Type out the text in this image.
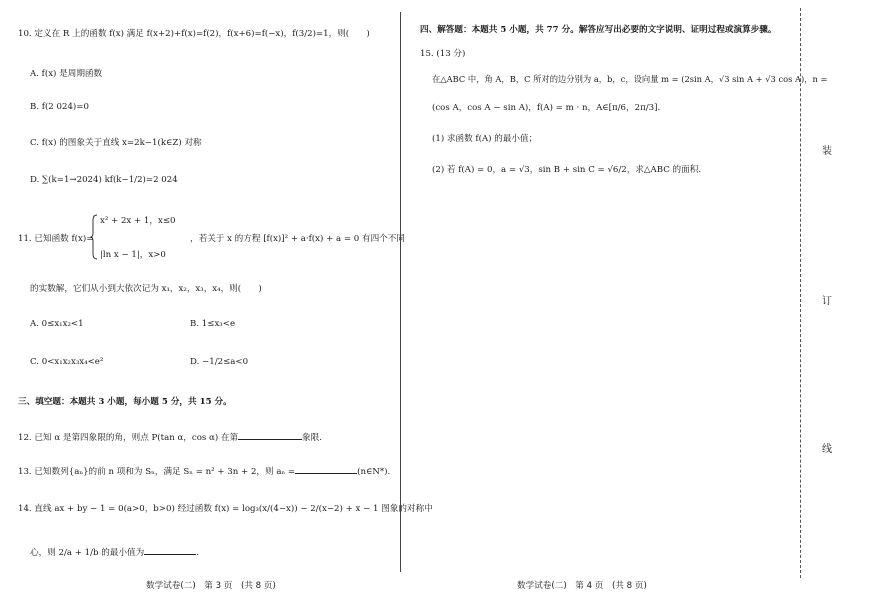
10. 定义在 R 上的函数 f(x) 满足 f(x+2)+f(x)=f(2)，f(x+6)=f(−x)，f(3/2)=1，则(　　)
A. f(x) 是周期函数
B. f(2 024)=0
C. f(x) 的图象关于直线 x=2k−1(k∈Z) 对称
D. ∑(k=1→2024) kf(k−1/2)=2 024
11. 已知函数 f(x)=
x² + 2x + 1，x≤0
|ln x − 1|，x>0
，若关于 x 的方程 [f(x)]² + a·f(x) + a = 0 有四个不同
的实数解，它们从小到大依次记为 x₁，x₂，x₃，x₄，则(　　)
A. 0≤x₁x₂<1	B. 1≤x₃<e
C. 0<x₁x₂x₃x₄<e²	D. −1/2≤a<0
三、填空题：本题共 3 小题，每小题 5 分，共 15 分。
12. 已知 α 是第四象限的角，则点 P(tan α，cos α) 在第	象限.
13. 已知数列{aₙ}的前 n 项和为 Sₙ，满足 Sₙ = n² + 3n + 2，则 aₙ =	(n∈N*).
14. 直线 ax + by − 1 = 0(a>0，b>0) 经过函数 f(x) = log₃(x/(4−x)) − 2/(x−2) + x − 1 图象的对称中
心，则 2/a + 1/b 的最小值为	.
数学试卷(二)　第 3 页　(共 8 页)
四、解答题：本题共 5 小题，共 77 分。解答应写出必要的文字说明、证明过程或演算步骤。
15. (13 分)
在△ABC 中，角 A，B，C 所对的边分别为 a，b，c，设向量 m = (2sin A，√3 sin A + √3 cos A)，n =
(cos A，cos A − sin A)，f(A) = m · n，A∈[π/6，2π/3].
(1) 求函数 f(A) 的最小值；
(2) 若 f(A) = 0，a = √3，sin B + sin C = √6/2，求△ABC 的面积.
数学试卷(二)　第 4 页　(共 8 页)
装
订
线
